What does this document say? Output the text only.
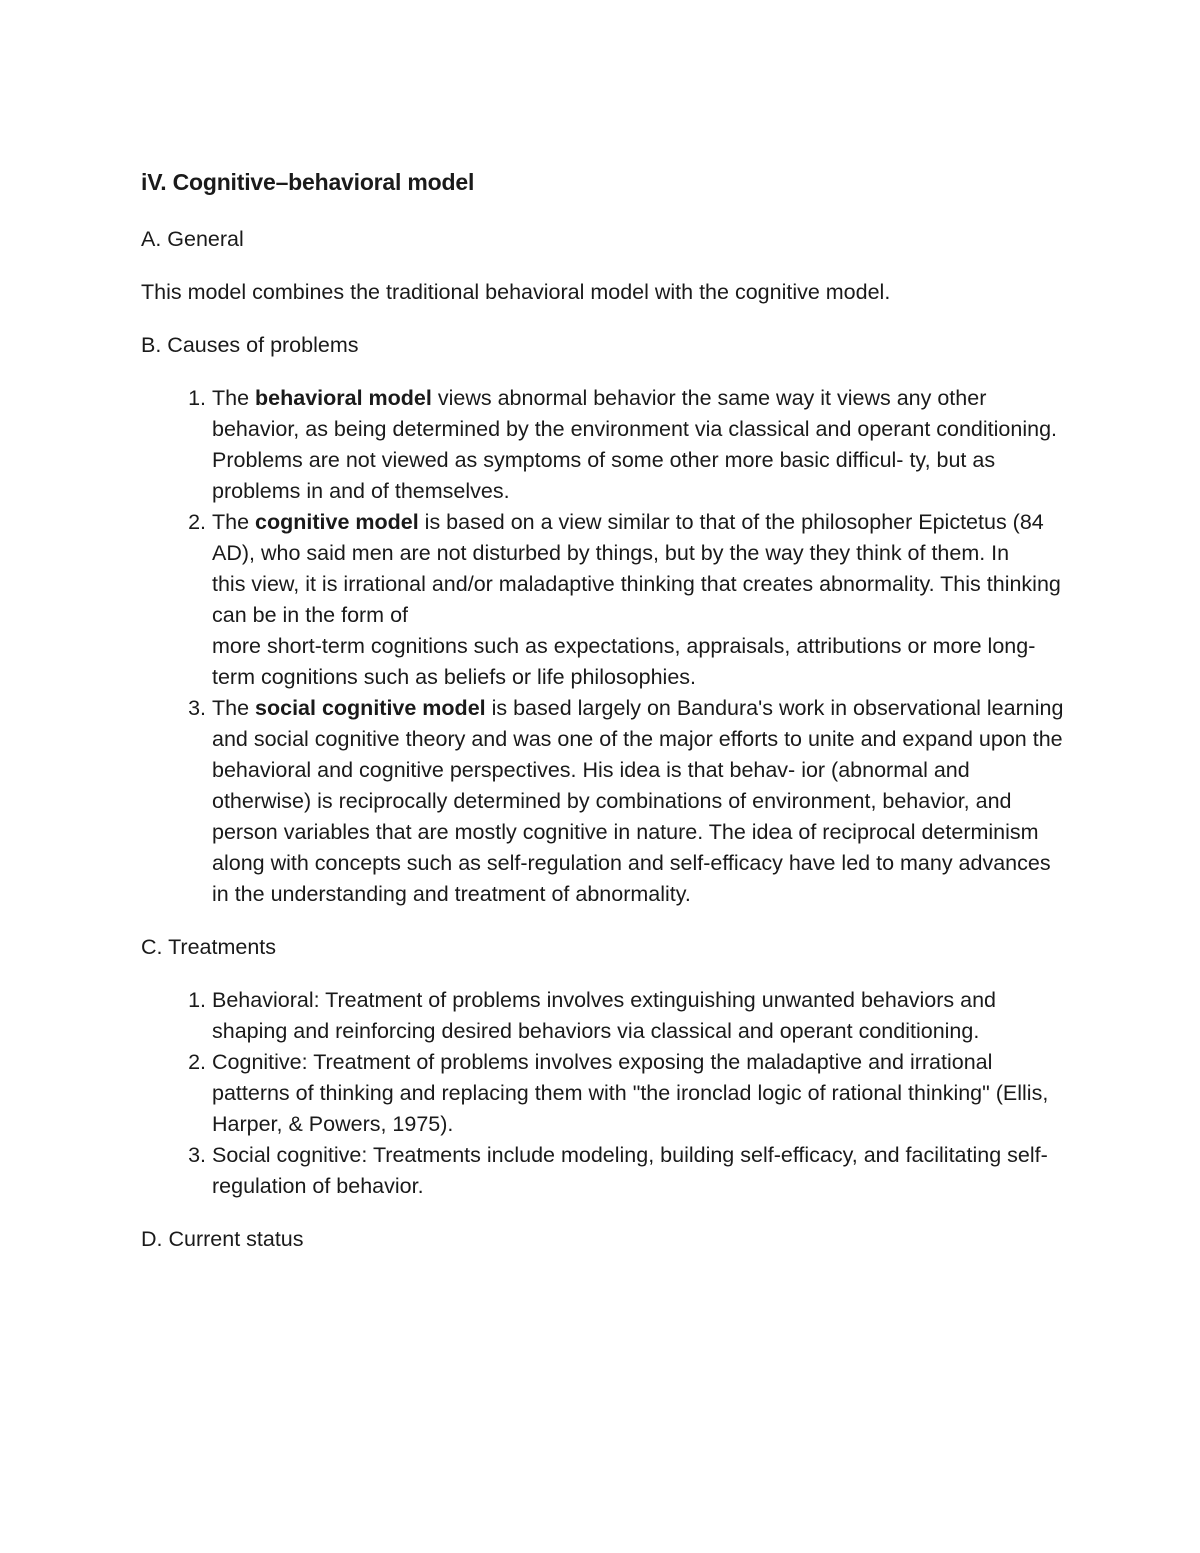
iV. Cognitive–behavioral model
A. General
This model combines the traditional behavioral model with the cognitive model.
B. Causes of problems
1. The behavioral model views abnormal behavior the same way it views any other behavior, as being determined by the environment via classical and operant conditioning. Problems are not viewed as symptoms of some other more basic difficul- ty, but as problems in and of themselves.
2. The cognitive model is based on a view similar to that of the philosopher Epictetus (84 AD), who said men are not disturbed by things, but by the way they think of them. In
this view, it is irrational and/or maladaptive thinking that creates abnormality. This thinking can be in the form of
more short-term cognitions such as expectations, appraisals, attributions or more long-term cognitions such as beliefs or life philosophies.
3. The social cognitive model is based largely on Bandura's work in observational learning and social cognitive theory and was one of the major efforts to unite and expand upon the behavioral and cognitive perspectives. His idea is that behav- ior (abnormal and otherwise) is reciprocally determined by combinations of environment, behavior, and person variables that are mostly cognitive in nature. The idea of reciprocal determinism along with concepts such as self-regulation and self-efficacy have led to many advances in the understanding and treatment of abnormality.
C. Treatments
1. Behavioral: Treatment of problems involves extinguishing unwanted behaviors and shaping and reinforcing desired behaviors via classical and operant conditioning.
2. Cognitive: Treatment of problems involves exposing the maladaptive and irrational patterns of thinking and replacing them with "the ironclad logic of rational thinking" (Ellis, Harper, & Powers, 1975).
3. Social cognitive: Treatments include modeling, building self-efficacy, and facilitating self-regulation of behavior.
D. Current status
